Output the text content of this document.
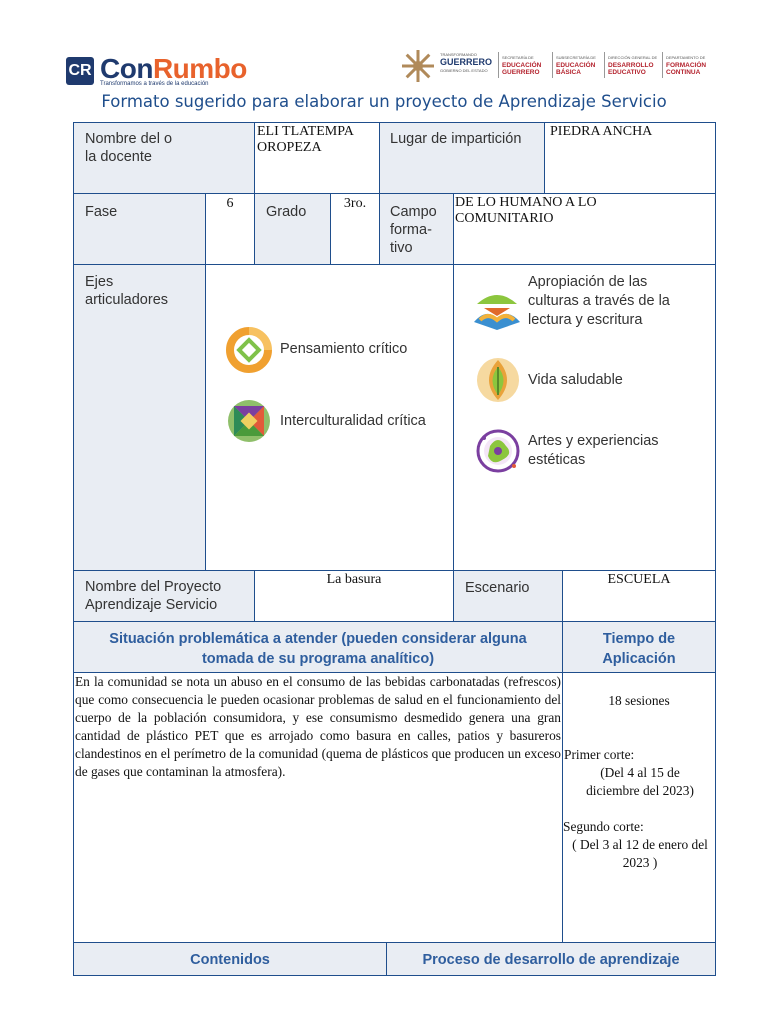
CR ConRumbo
Transformamos a través de la educación
TRANSFORMANDO
GUERRERO
GOBIERNO DEL ESTADO
SECRETARÍA DE
EDUCACIÓN GUERRERO
SUBSECRETARÍA DE
EDUCACIÓN BÁSICA
DIRECCIÓN GENERAL DE
DESARROLLO EDUCATIVO
DEPARTAMENTO DE
FORMACIÓN CONTINUA
Formato sugerido para elaborar un proyecto de Aprendizaje Servicio
Nombre del o la docente
ELI TLATEMPA OROPEZA
Lugar de impartición	PIEDRA ANCHA
Fase
6
Grado
3ro.
Campo forma-tivo
DE LO HUMANO A LO COMUNITARIO
Ejes articuladores
Pensamiento crítico
Interculturalidad crítica
Apropiación de las culturas a través de la lectura y escritura
Vida saludable
Artes y experiencias estéticas
Nombre del Proyecto Aprendizaje Servicio
La basura
Escenario
ESCUELA
Situación problemática a atender (pueden considerar alguna tomada de su programa analítico)
Tiempo de Aplicación
En la comunidad se nota un abuso en el consumo de las bebidas carbonatadas (refrescos) que como consecuencia le pueden ocasionar problemas de salud en el funcionamiento del cuerpo de la población consumidora, y ese consumismo desmedido genera una gran cantidad de plástico PET que es arrojado como basura en calles, patios y basureros clandestinos en el perímetro de la comunidad (quema de plásticos que producen un exceso de gases que contaminan la atmosfera).
18 sesiones
Primer corte:
(Del 4 al 15 de diciembre del 2023)
Segundo corte:
( Del 3 al 12 de enero del 2023 )
Contenidos	Proceso de desarrollo de aprendizaje
